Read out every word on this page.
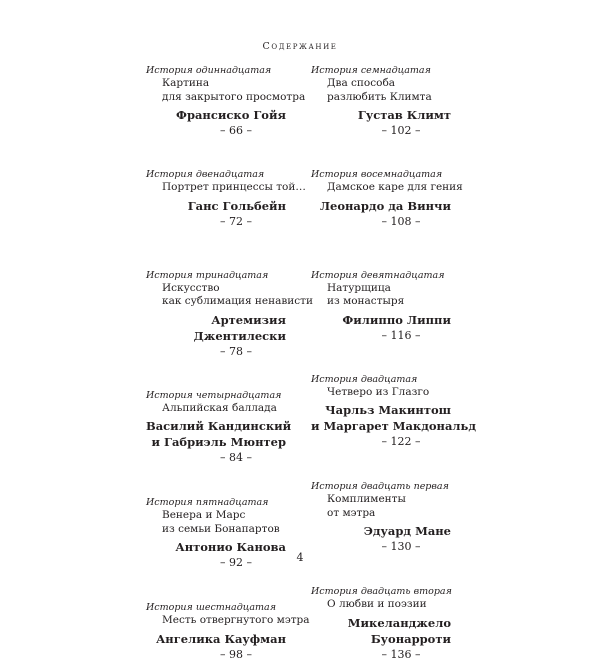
Содержание
История одиннадцатая
Картина
для закрытого просмотра
Франсиско Гойя
– 66 –
История двенадцатая
Портрет принцессы той…
Ганс Гольбейн
– 72 –
История тринадцатая
Искусство
как сублимация ненависти
Артемизия
Джентилески
– 78 –
История четырнадцатая
Альпийская баллада
Василий Кандинский
и Габриэль Мюнтер
– 84 –
История пятнадцатая
Венера и Марс
из семьи Бонапартов
Антонио Канова
– 92 –
История шестнадцатая
Месть отвергнутого мэтра
Ангелика Кауфман
– 98 –
История семнадцатая
Два способа
разлюбить Климта
Густав Климт
– 102 –
История восемнадцатая
Дамское каре для гения
Леонардо да Винчи
– 108 –
История девятнадцатая
Натурщица
из монастыря
Филиппо Липпи
– 116 –
История двадцатая
Четверо из Глазго
Чарльз Макинтош
и Маргарет Макдональд
– 122 –
История двадцать первая
Комплименты
от мэтра
Эдуард Мане
– 130 –
История двадцать вторая
О любви и поэзии
Микеланджело
Буонарроти
– 136 –
4
